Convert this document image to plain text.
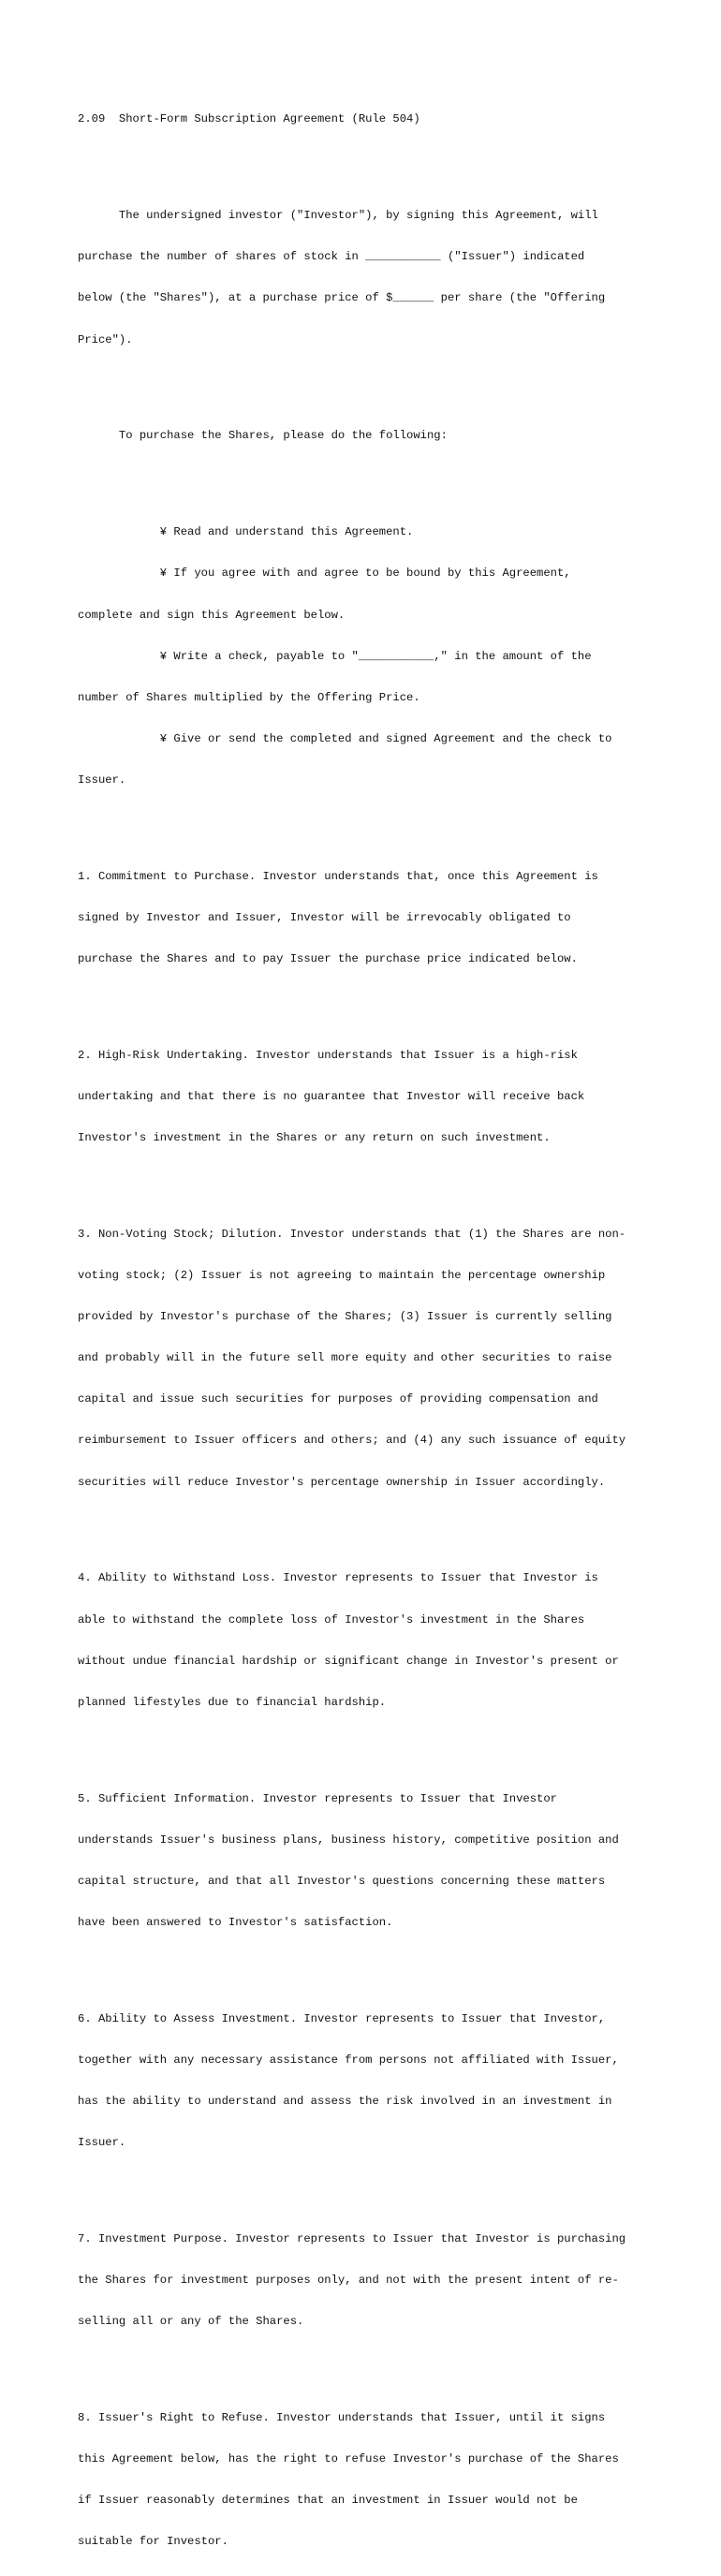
2.09  Short-Form Subscription Agreement (Rule 504)

The undersigned investor ("Investor"), by signing this Agreement, will

purchase the number of shares of stock in ___________ ("Issuer") indicated

below (the "Shares"), at a purchase price of $______ per share (the "Offering

Price").

To purchase the Shares, please do the following:

¥ Read and understand this Agreement.

¥ If you agree with and agree to be bound by this Agreement,

complete and sign this Agreement below.

¥ Write a check, payable to "___________," in the amount of the

number of Shares multiplied by the Offering Price.

¥ Give or send the completed and signed Agreement and the check to

Issuer.

1. Commitment to Purchase. Investor understands that, once this Agreement is

signed by Investor and Issuer, Investor will be irrevocably obligated to

purchase the Shares and to pay Issuer the purchase price indicated below.

2. High-Risk Undertaking. Investor understands that Issuer is a high-risk

undertaking and that there is no guarantee that Investor will receive back

Investor's investment in the Shares or any return on such investment.

3. Non-Voting Stock; Dilution. Investor understands that (1) the Shares are non-

voting stock; (2) Issuer is not agreeing to maintain the percentage ownership

provided by Investor's purchase of the Shares; (3) Issuer is currently selling

and probably will in the future sell more equity and other securities to raise

capital and issue such securities for purposes of providing compensation and

reimbursement to Issuer officers and others; and (4) any such issuance of equity

securities will reduce Investor's percentage ownership in Issuer accordingly.

4. Ability to Withstand Loss. Investor represents to Issuer that Investor is

able to withstand the complete loss of Investor's investment in the Shares

without undue financial hardship or significant change in Investor's present or

planned lifestyles due to financial hardship.

5. Sufficient Information. Investor represents to Issuer that Investor

understands Issuer's business plans, business history, competitive position and

capital structure, and that all Investor's questions concerning these matters

have been answered to Investor's satisfaction.

6. Ability to Assess Investment. Investor represents to Issuer that Investor,

together with any necessary assistance from persons not affiliated with Issuer,

has the ability to understand and assess the risk involved in an investment in

Issuer.

7. Investment Purpose. Investor represents to Issuer that Investor is purchasing

the Shares for investment purposes only, and not with the present intent of re-

selling all or any of the Shares.

8. Issuer's Right to Refuse. Investor understands that Issuer, until it signs

this Agreement below, has the right to refuse Investor's purchase of the Shares

if Issuer reasonably determines that an investment in Issuer would not be

suitable for Investor.
